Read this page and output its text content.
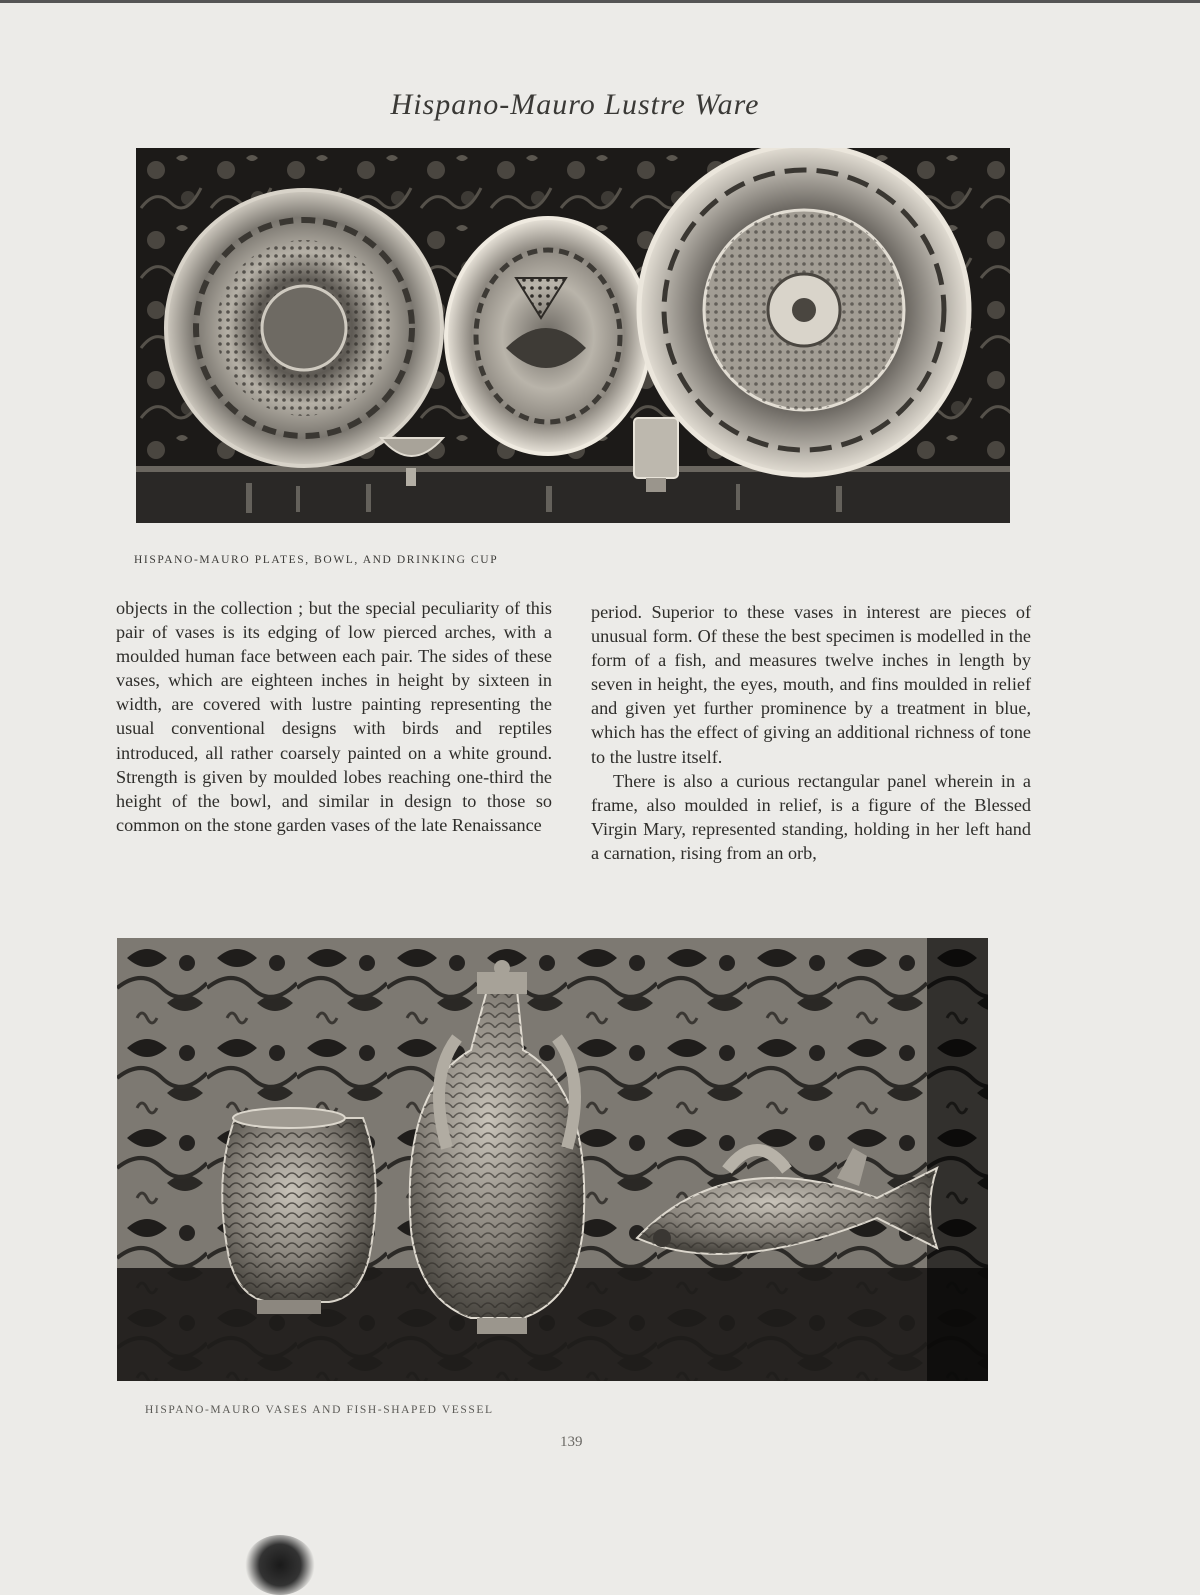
Hispano-Mauro Lustre Ware
HISPANO-MAURO PLATES, BOWL, AND DRINKING CUP

objects in the collection ; but the special peculiarity of this pair of vases is its edging of low pierced arches, with a moulded human face between each pair. The sides of these vases, which are eighteen inches in height by sixteen in width, are covered with lustre painting representing the usual conventional designs with birds and reptiles introduced, all rather coarsely painted on a white ground. Strength is given by moulded lobes reaching one-third the height of the bowl, and similar in design to those so common on the stone garden vases of the late Renaissance

period. Superior to these vases in interest are pieces of unusual form. Of these the best specimen is modelled in the form of a fish, and measures twelve inches in length by seven in height, the eyes, mouth, and fins moulded in relief and given yet further prominence by a treatment in blue, which has the effect of giving an additional richness of tone to the lustre itself.

There is also a curious rectangular panel wherein in a frame, also moulded in relief, is a figure of the Blessed Virgin Mary, represented standing, holding in her left hand a carnation, rising from an orb,

HISPANO-MAURO VASES AND FISH-SHAPED VESSEL
139
